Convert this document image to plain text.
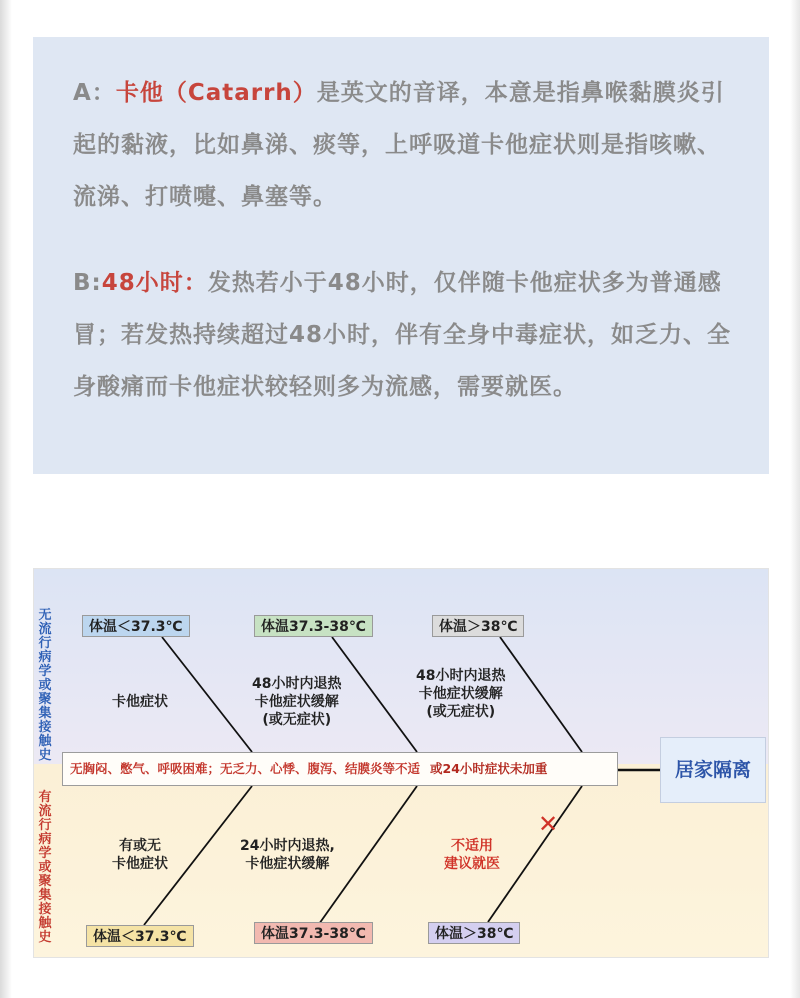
A：卡他（Catarrh）是英文的音译，本意是指鼻喉黏膜炎引起的黏液，比如鼻涕、痰等，上呼吸道卡他症状则是指咳嗽、流涕、打喷嚏、鼻塞等。
B:48小时：发热若小于48小时，仅伴随卡他症状多为普通感冒；若发热持续超过48小时，伴有全身中毒症状，如乏力、全身酸痛而卡他症状较轻则多为流感，需要就医。
无流行病学或聚集接触史
有流行病学或聚集接触史
体温＜37.3℃	体温37.3-38℃	体温＞38℃
卡他症状
48小时内退热
卡他症状缓解
(或无症状)
48小时内退热
卡他症状缓解
(或无症状)
无胸闷、憋气、呼吸困难；无乏力、心悸、腹泻、结膜炎等不适 或24小时症状未加重	居家隔离
有或无
卡他症状
24小时内退热,
卡他症状缓解
不适用
建议就医
✕
体温＜37.3℃	体温37.3-38℃	体温＞38℃
